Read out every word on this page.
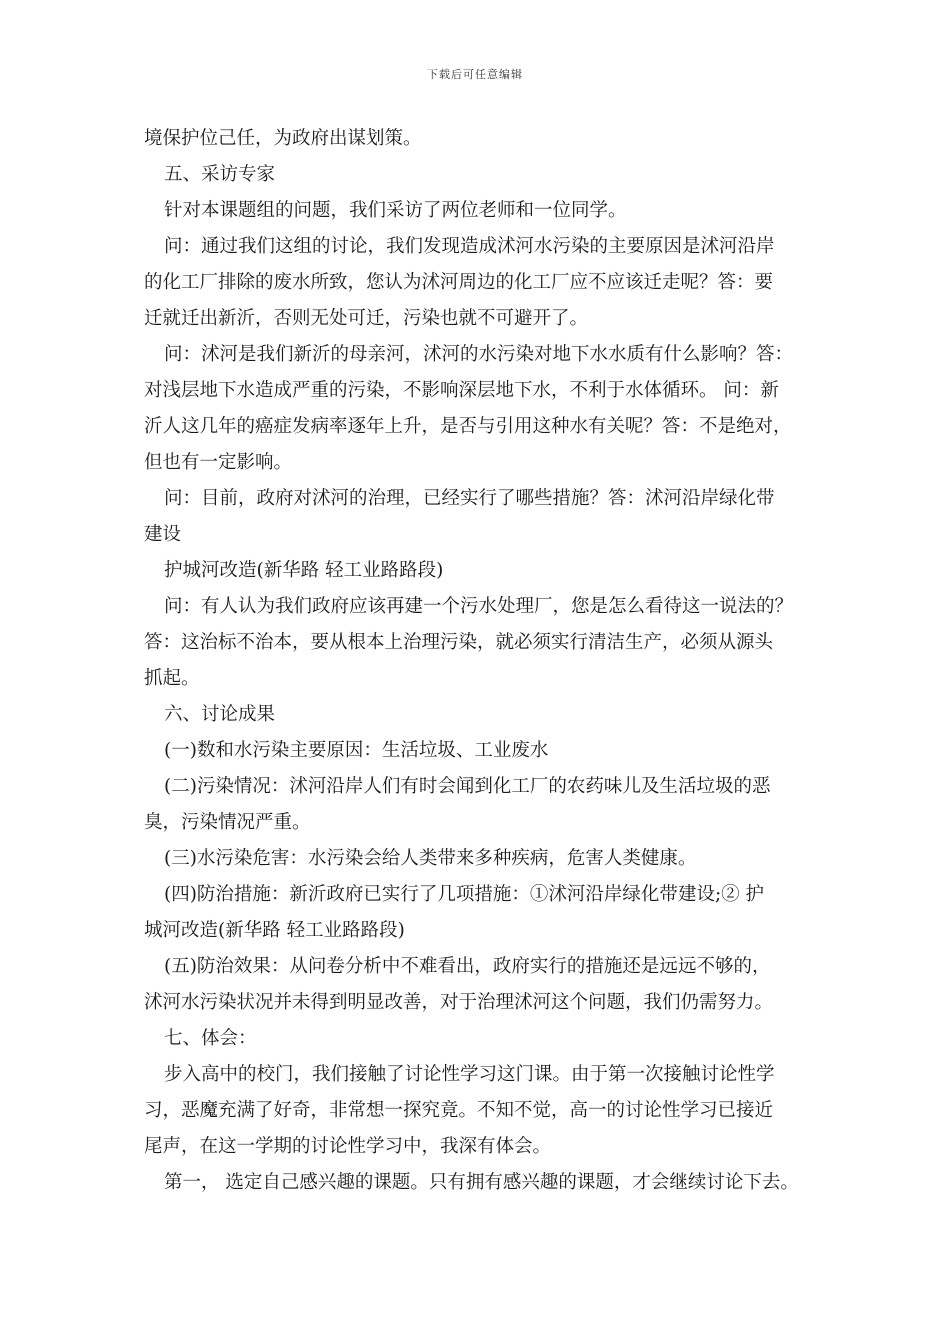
下载后可任意编辑
境保护位己任，为政府出谋划策。
五、采访专家
针对本课题组的问题，我们采访了两位老师和一位同学。
问：通过我们这组的讨论，我们发现造成沭河水污染的主要原因是沭河沿岸
的化工厂排除的废水所致，您认为沭河周边的化工厂应不应该迁走呢？答：要
迁就迁出新沂，否则无处可迁，污染也就不可避开了。
问：沭河是我们新沂的母亲河，沭河的水污染对地下水水质有什么影响？答：
对浅层地下水造成严重的污染，不影响深层地下水，不利于水体循环。 问：新
沂人这几年的癌症发病率逐年上升，是否与引用这种水有关呢？答：不是绝对，
但也有一定影响。
问：目前，政府对沭河的治理，已经实行了哪些措施？答：沭河沿岸绿化带
建设
护城河改造(新华路 轻工业路路段)
问：有人认为我们政府应该再建一个污水处理厂，您是怎么看待这一说法的？
答：这治标不治本，要从根本上治理污染，就必须实行清洁生产，必须从源头
抓起。
六、讨论成果
(一)数和水污染主要原因：生活垃圾、工业废水
(二)污染情况：沭河沿岸人们有时会闻到化工厂的农药味儿及生活垃圾的恶
臭，污染情况严重。
(三)水污染危害：水污染会给人类带来多种疾病，危害人类健康。
(四)防治措施：新沂政府已实行了几项措施：①沭河沿岸绿化带建设;② 护
城河改造(新华路 轻工业路路段)
(五)防治效果：从问卷分析中不难看出，政府实行的措施还是远远不够的，
沭河水污染状况并未得到明显改善，对于治理沭河这个问题，我们仍需努力。
七、体会：
步入高中的校门，我们接触了讨论性学习这门课。由于第一次接触讨论性学
习，恶魔充满了好奇，非常想一探究竟。不知不觉，高一的讨论性学习已接近
尾声，在这一学期的讨论性学习中，我深有体会。
第一， 选定自己感兴趣的课题。只有拥有感兴趣的课题，才会继续讨论下去。
